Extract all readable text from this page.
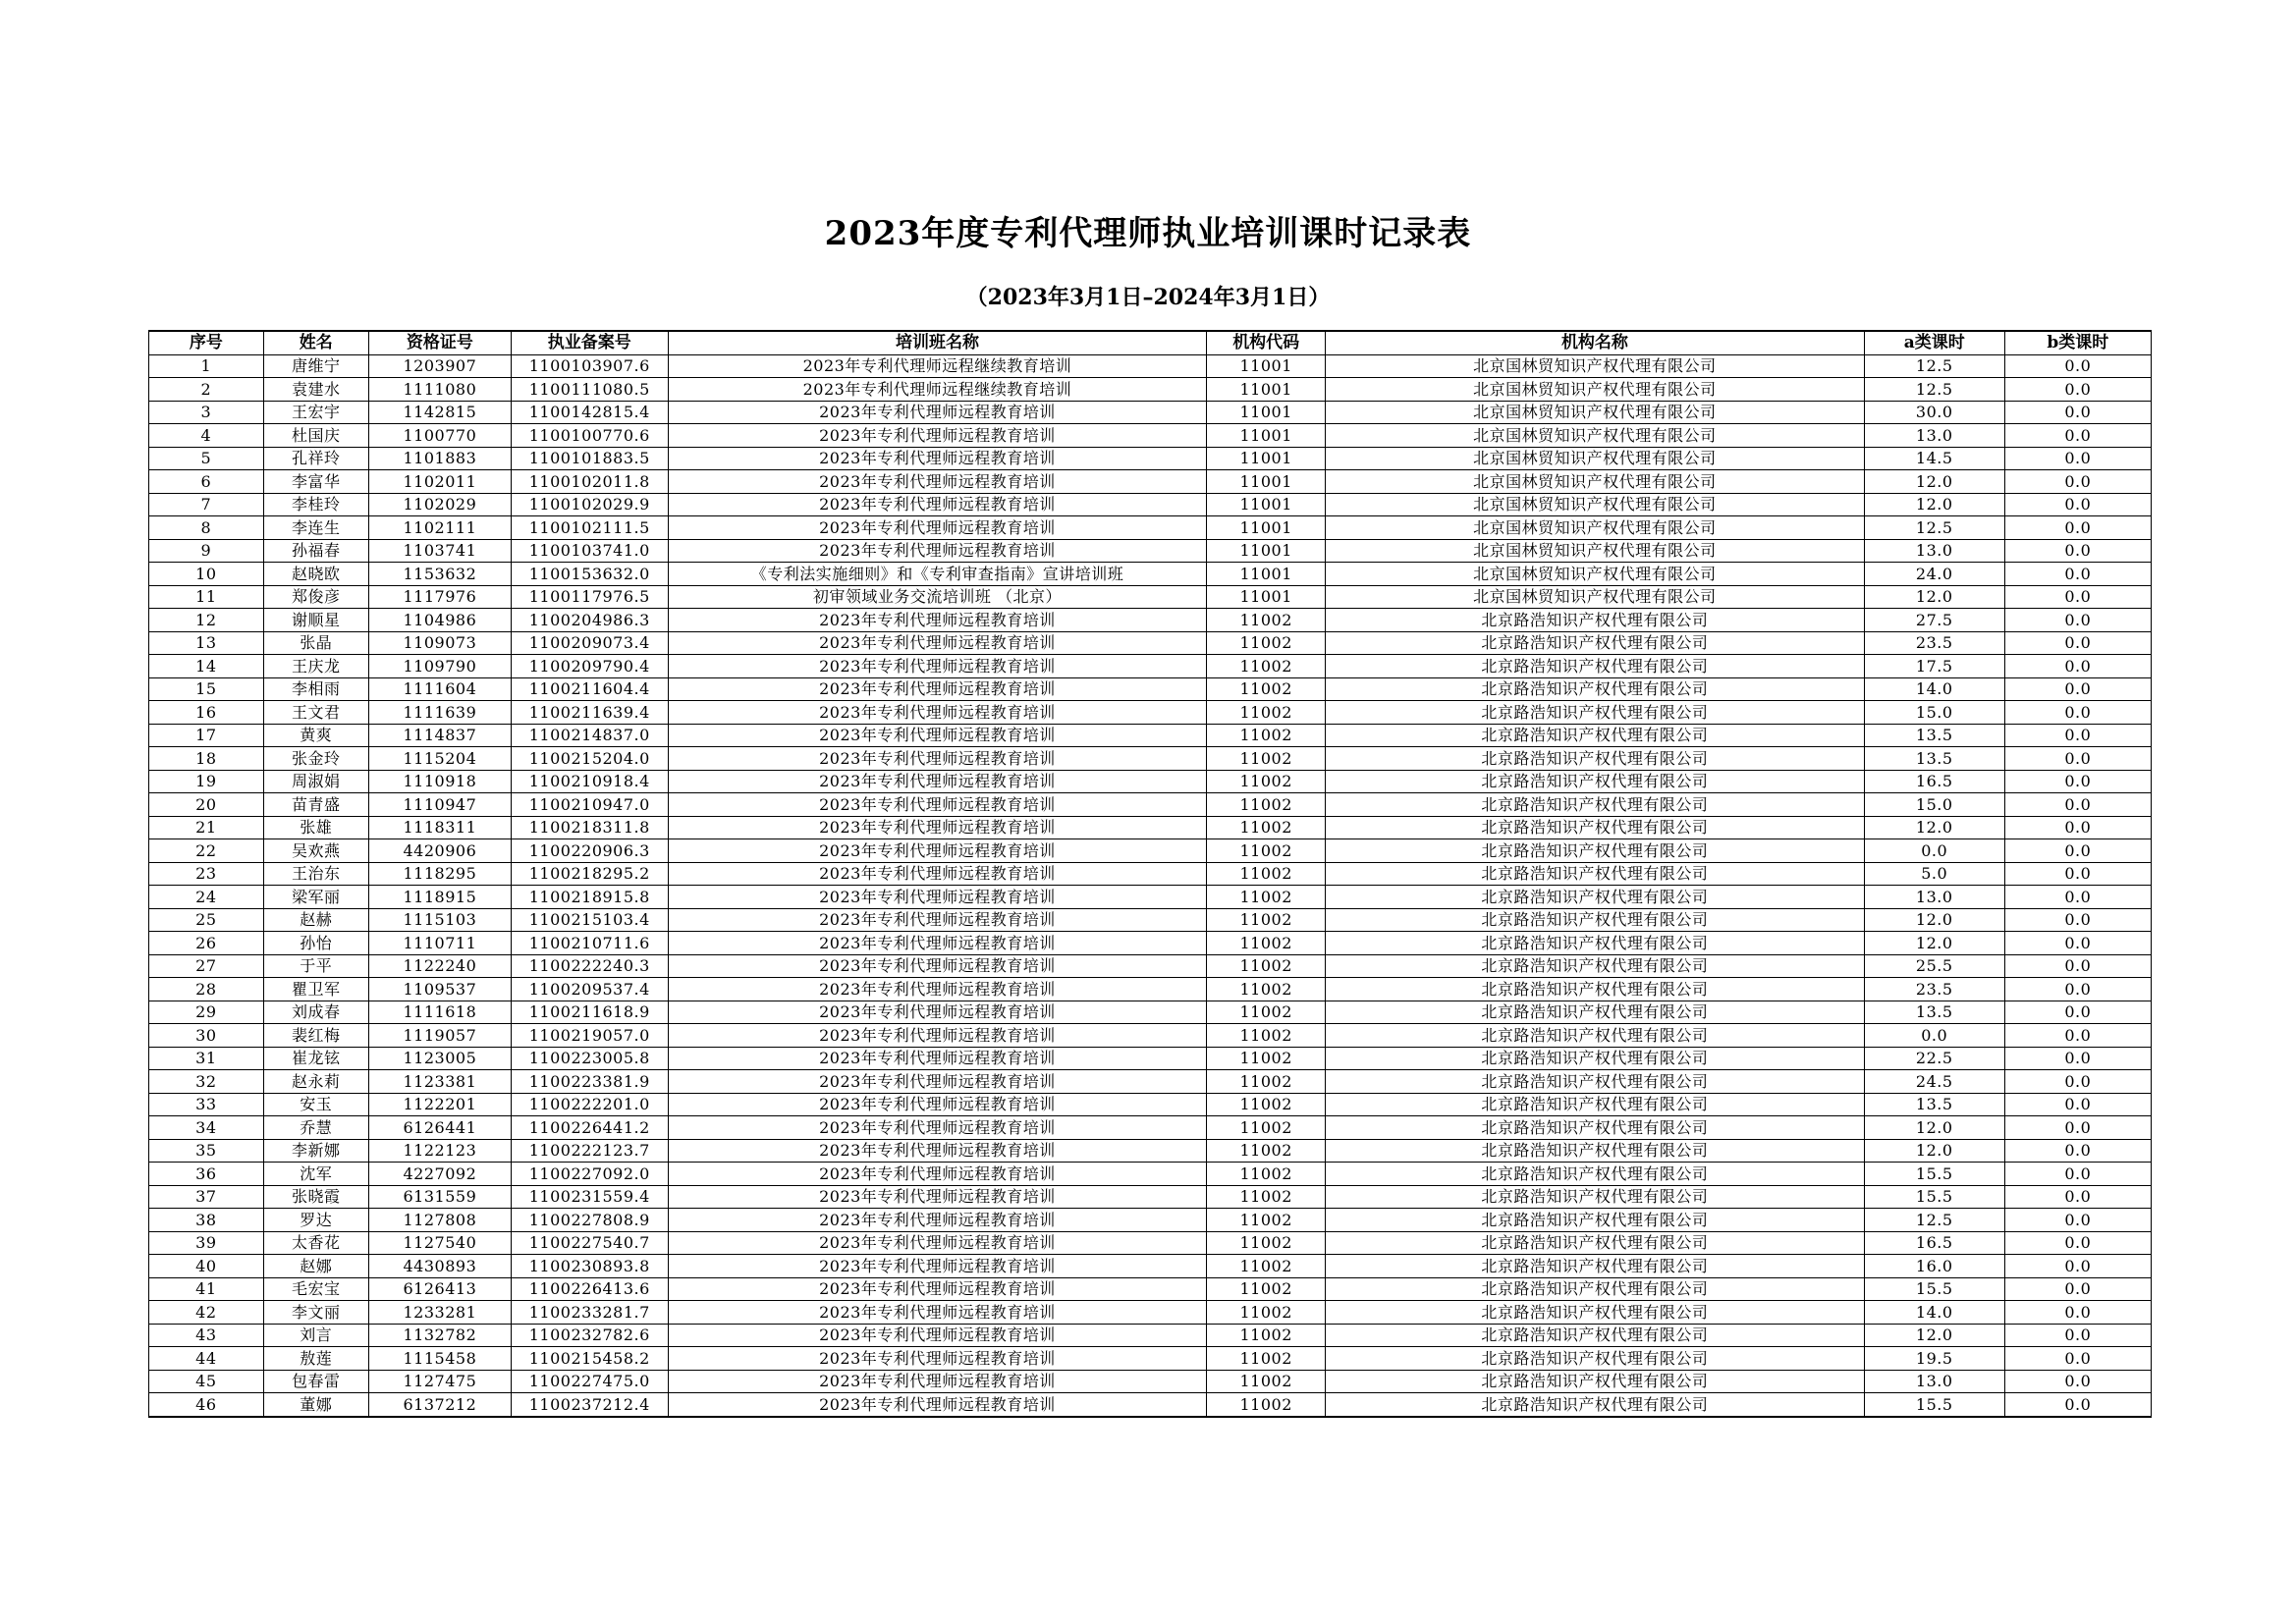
2023年度专利代理师执业培训课时记录表
（2023年3月1日–2024年3月1日）
序号	姓名	资格证号	执业备案号	培训班名称	机构代码	机构名称	a类课时	b类课时
1	唐维宁	1203907	1100103907.6	2023年专利代理师远程继续教育培训	11001	北京国林贸知识产权代理有限公司	12.5	0.0
2	袁建水	1111080	1100111080.5	2023年专利代理师远程继续教育培训	11001	北京国林贸知识产权代理有限公司	12.5	0.0
3	王宏宇	1142815	1100142815.4	2023年专利代理师远程教育培训	11001	北京国林贸知识产权代理有限公司	30.0	0.0
4	杜国庆	1100770	1100100770.6	2023年专利代理师远程教育培训	11001	北京国林贸知识产权代理有限公司	13.0	0.0
5	孔祥玲	1101883	1100101883.5	2023年专利代理师远程教育培训	11001	北京国林贸知识产权代理有限公司	14.5	0.0
6	李富华	1102011	1100102011.8	2023年专利代理师远程教育培训	11001	北京国林贸知识产权代理有限公司	12.0	0.0
7	李桂玲	1102029	1100102029.9	2023年专利代理师远程教育培训	11001	北京国林贸知识产权代理有限公司	12.0	0.0
8	李连生	1102111	1100102111.5	2023年专利代理师远程教育培训	11001	北京国林贸知识产权代理有限公司	12.5	0.0
9	孙福春	1103741	1100103741.0	2023年专利代理师远程教育培训	11001	北京国林贸知识产权代理有限公司	13.0	0.0
10	赵晓欧	1153632	1100153632.0	《专利法实施细则》和《专利审查指南》宣讲培训班	11001	北京国林贸知识产权代理有限公司	24.0	0.0
11	郑俊彦	1117976	1100117976.5	初审领域业务交流培训班 （北京）	11001	北京国林贸知识产权代理有限公司	12.0	0.0
12	谢顺星	1104986	1100204986.3	2023年专利代理师远程教育培训	11002	北京路浩知识产权代理有限公司	27.5	0.0
13	张晶	1109073	1100209073.4	2023年专利代理师远程教育培训	11002	北京路浩知识产权代理有限公司	23.5	0.0
14	王庆龙	1109790	1100209790.4	2023年专利代理师远程教育培训	11002	北京路浩知识产权代理有限公司	17.5	0.0
15	李相雨	1111604	1100211604.4	2023年专利代理师远程教育培训	11002	北京路浩知识产权代理有限公司	14.0	0.0
16	王文君	1111639	1100211639.4	2023年专利代理师远程教育培训	11002	北京路浩知识产权代理有限公司	15.0	0.0
17	黄爽	1114837	1100214837.0	2023年专利代理师远程教育培训	11002	北京路浩知识产权代理有限公司	13.5	0.0
18	张金玲	1115204	1100215204.0	2023年专利代理师远程教育培训	11002	北京路浩知识产权代理有限公司	13.5	0.0
19	周淑娟	1110918	1100210918.4	2023年专利代理师远程教育培训	11002	北京路浩知识产权代理有限公司	16.5	0.0
20	苗青盛	1110947	1100210947.0	2023年专利代理师远程教育培训	11002	北京路浩知识产权代理有限公司	15.0	0.0
21	张雄	1118311	1100218311.8	2023年专利代理师远程教育培训	11002	北京路浩知识产权代理有限公司	12.0	0.0
22	吴欢燕	4420906	1100220906.3	2023年专利代理师远程教育培训	11002	北京路浩知识产权代理有限公司	0.0	0.0
23	王治东	1118295	1100218295.2	2023年专利代理师远程教育培训	11002	北京路浩知识产权代理有限公司	5.0	0.0
24	梁军丽	1118915	1100218915.8	2023年专利代理师远程教育培训	11002	北京路浩知识产权代理有限公司	13.0	0.0
25	赵赫	1115103	1100215103.4	2023年专利代理师远程教育培训	11002	北京路浩知识产权代理有限公司	12.0	0.0
26	孙怡	1110711	1100210711.6	2023年专利代理师远程教育培训	11002	北京路浩知识产权代理有限公司	12.0	0.0
27	于平	1122240	1100222240.3	2023年专利代理师远程教育培训	11002	北京路浩知识产权代理有限公司	25.5	0.0
28	瞿卫军	1109537	1100209537.4	2023年专利代理师远程教育培训	11002	北京路浩知识产权代理有限公司	23.5	0.0
29	刘成春	1111618	1100211618.9	2023年专利代理师远程教育培训	11002	北京路浩知识产权代理有限公司	13.5	0.0
30	裴红梅	1119057	1100219057.0	2023年专利代理师远程教育培训	11002	北京路浩知识产权代理有限公司	0.0	0.0
31	崔龙铉	1123005	1100223005.8	2023年专利代理师远程教育培训	11002	北京路浩知识产权代理有限公司	22.5	0.0
32	赵永莉	1123381	1100223381.9	2023年专利代理师远程教育培训	11002	北京路浩知识产权代理有限公司	24.5	0.0
33	安玉	1122201	1100222201.0	2023年专利代理师远程教育培训	11002	北京路浩知识产权代理有限公司	13.5	0.0
34	乔慧	6126441	1100226441.2	2023年专利代理师远程教育培训	11002	北京路浩知识产权代理有限公司	12.0	0.0
35	李新娜	1122123	1100222123.7	2023年专利代理师远程教育培训	11002	北京路浩知识产权代理有限公司	12.0	0.0
36	沈军	4227092	1100227092.0	2023年专利代理师远程教育培训	11002	北京路浩知识产权代理有限公司	15.5	0.0
37	张晓霞	6131559	1100231559.4	2023年专利代理师远程教育培训	11002	北京路浩知识产权代理有限公司	15.5	0.0
38	罗达	1127808	1100227808.9	2023年专利代理师远程教育培训	11002	北京路浩知识产权代理有限公司	12.5	0.0
39	太香花	1127540	1100227540.7	2023年专利代理师远程教育培训	11002	北京路浩知识产权代理有限公司	16.5	0.0
40	赵娜	4430893	1100230893.8	2023年专利代理师远程教育培训	11002	北京路浩知识产权代理有限公司	16.0	0.0
41	毛宏宝	6126413	1100226413.6	2023年专利代理师远程教育培训	11002	北京路浩知识产权代理有限公司	15.5	0.0
42	李文丽	1233281	1100233281.7	2023年专利代理师远程教育培训	11002	北京路浩知识产权代理有限公司	14.0	0.0
43	刘言	1132782	1100232782.6	2023年专利代理师远程教育培训	11002	北京路浩知识产权代理有限公司	12.0	0.0
44	敖莲	1115458	1100215458.2	2023年专利代理师远程教育培训	11002	北京路浩知识产权代理有限公司	19.5	0.0
45	包春雷	1127475	1100227475.0	2023年专利代理师远程教育培训	11002	北京路浩知识产权代理有限公司	13.0	0.0
46	董娜	6137212	1100237212.4	2023年专利代理师远程教育培训	11002	北京路浩知识产权代理有限公司	15.5	0.0
